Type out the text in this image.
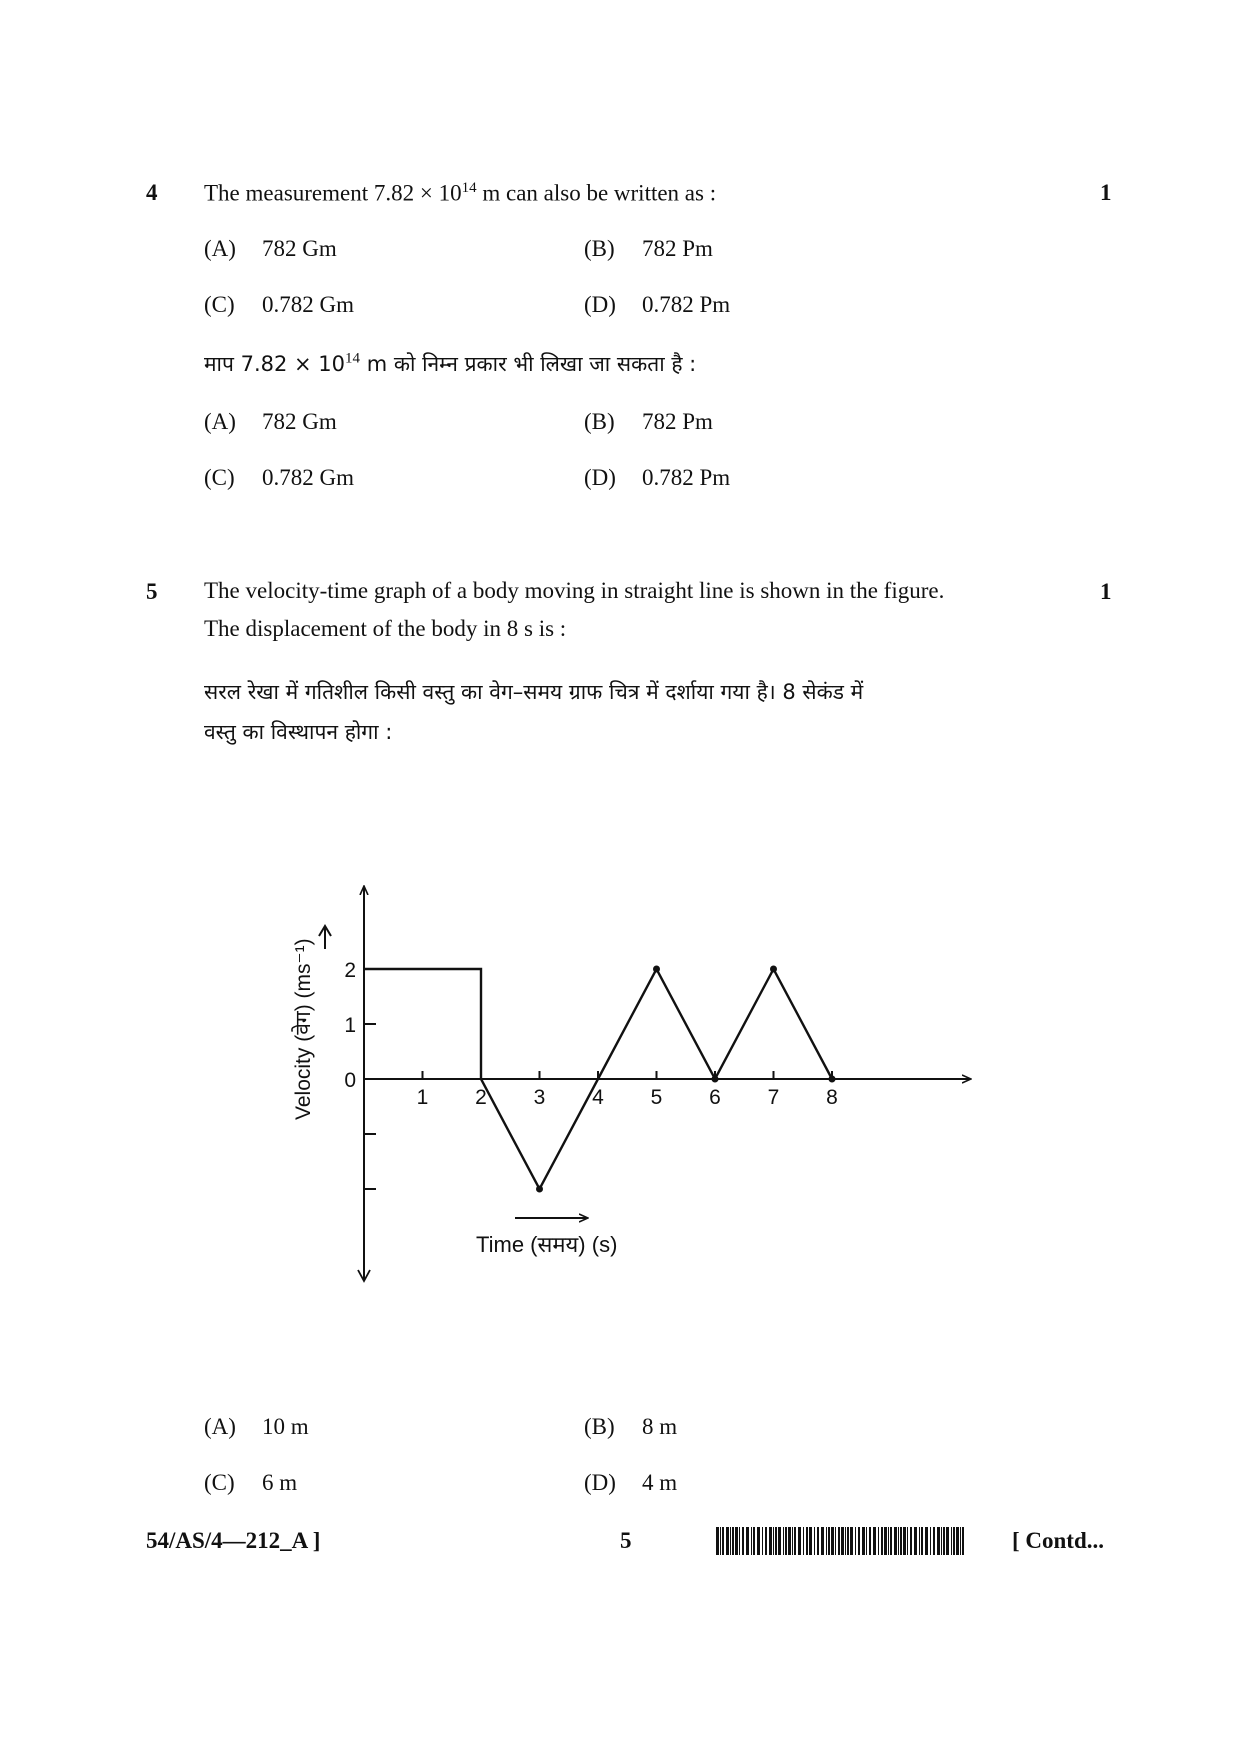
4 The measurement $7.82 \times 10^{14}$ m can also be written as :	1
(A) 782 Gm	(B) 782 Pm
(C) 0.782 Gm	(D) 0.782 Pm
माप $7.82 \times 10^{14}$ m को निम्न प्रकार भी लिखा जा सकता है :
(A) 782 Gm	(B) 782 Pm
(C) 0.782 Gm	(D) 0.782 Pm
5	1
The velocity-time graph of a body moving in straight line is shown in the figure.
The displacement of the body in 8 s is :
सरल रेखा में गतिशील किसी वस्तु का वेग–समय ग्राफ चित्र में दर्शाया गया है। 8 सेकंड में
वस्तु का विस्थापन होगा :
1 2 3 4 5 6 7 8
0
1
2
Velocity (वेग) (ms⁻¹)
Time (समय) (s)
(A) 10 m	(B) 8 m
(C) 6 m	(D) 4 m
54/AS/4—212_A ]	5	[ Contd...
